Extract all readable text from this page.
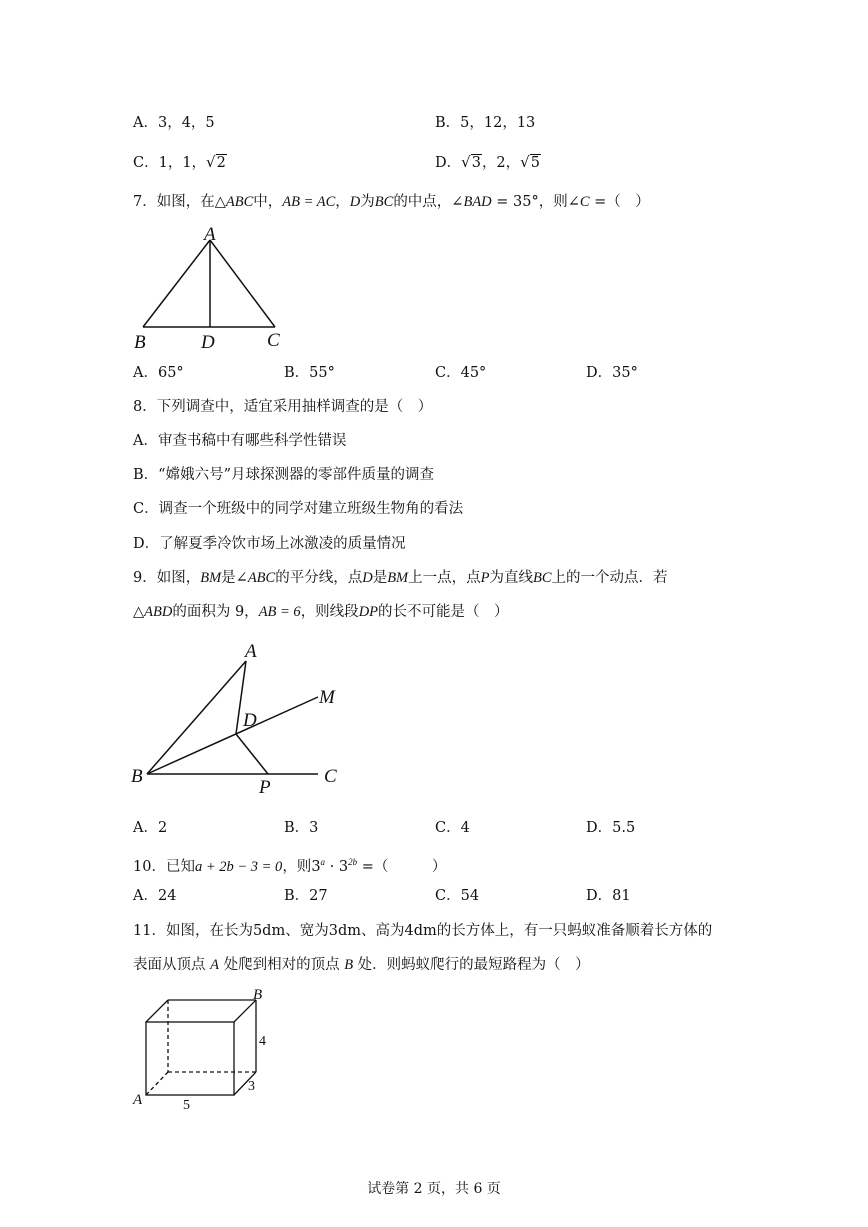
A．3，4，5	B．5，12，13
C．1，1，√2	D．√3，2，√5
7．如图，在△ABC中，AB = AC，D为BC的中点，∠BAD = 35°，则∠C =（　）
A
B	D	C
A
D
M
B	C
P
B
A	5
3
4
A．65°	B．55°	C．45°	D．35°
8．下列调查中，适宜采用抽样调查的是（　）
A．审查书稿中有哪些科学性错误
B．“嫦娥六号”月球探测器的零部件质量的调查
C．调查一个班级中的同学对建立班级生物角的看法
D．了解夏季冷饮市场上冰激凌的质量情况
9．如图，BM是∠ABC的平分线，点D是BM上一点，点P为直线BC上的一个动点．若
△ABD的面积为 9，AB = 6，则线段DP的长不可能是（　）
A．2	B．3	C．4	D．5.5
10．已知a + 2b − 3 = 0，则$3^a \cdot 3^{2b}$ =（　　　）
A．24	B．27	C．54	D．81
11．如图，在长为5dm、宽为3dm、高为4dm的长方体上，有一只蚂蚁准备顺着长方体的
表面从顶点 A 处爬到相对的顶点 B 处．则蚂蚁爬行的最短路程为（　）
试卷第 2 页，共 6 页
